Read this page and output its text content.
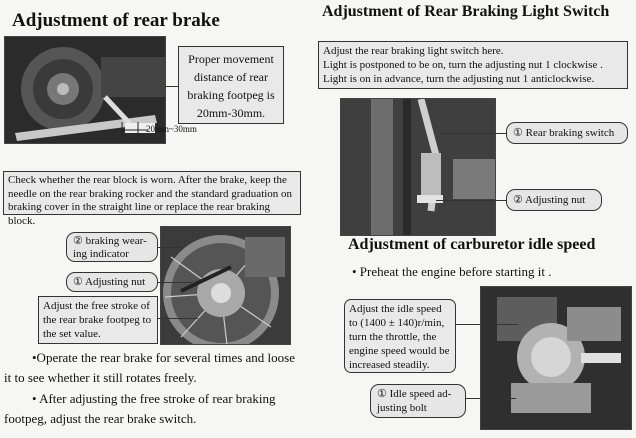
Adjustment of rear brake
Proper movement distance of rear braking footpeg is 20mm-30mm.
20mm~30mm
Check whether the rear block is worn. After the brake, keep the needle on the rear braking rocker and the standard graduation on braking cover in the straight line or replace the rear braking block.
② braking wear-ing indicator
① Adjusting nut
Adjust the free stroke of the rear brake footpeg to the set value.

•Operate the rear brake for several times and loose it to see whether it still rotates freely.

• After adjusting the free stroke of rear braking footpeg, adjust the rear brake switch.

Adjustment of Rear Braking Light Switch
Adjust the rear braking light switch here.
Light is postponed to be on, turn the adjusting nut 1 clockwise .
Light is on in advance, turn the adjusting nut 1 anticlockwise.
① Rear braking switch
② Adjusting nut
Adjustment of carburetor idle speed

• Preheat the engine before starting it .

Adjust the idle speed to (1400 ± 140)r/min, turn the throttle, the engine speed would be increased steadily.
① Idle speed ad-justing bolt
